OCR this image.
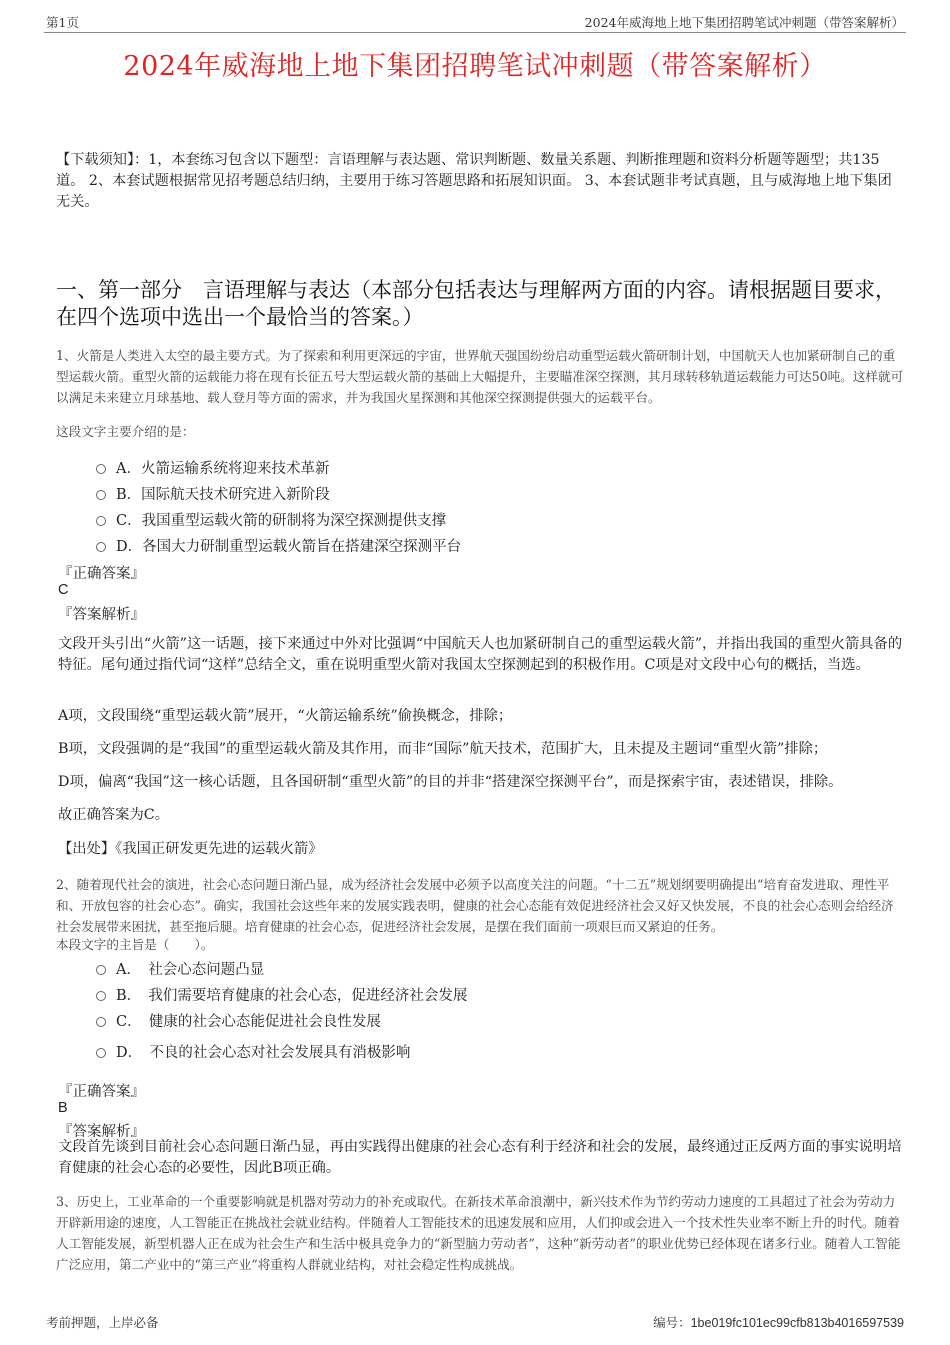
第1页	2024年威海地上地下集团招聘笔试冲刺题（带答案解析）
2024年威海地上地下集团招聘笔试冲刺题（带答案解析）
【下载须知】：1，本套练习包含以下题型：言语理解与表达题、常识判断题、数量关系题、判断推理题和资料分析题等题型；共135道。 2、本套试题根据常见招考题总结归纳，主要用于练习答题思路和拓展知识面。 3、本套试题非考试真题，且与威海地上地下集团无关。
一、第一部分　言语理解与表达（本部分包括表达与理解两方面的内容。请根据题目要求，在四个选项中选出一个最恰当的答案。）
1、火箭是人类进入太空的最主要方式。为了探索和利用更深远的宇宙，世界航天强国纷纷启动重型运载火箭研制计划，中国航天人也加紧研制自己的重型运载火箭。重型火箭的运载能力将在现有长征五号大型运载火箭的基础上大幅提升，主要瞄准深空探测，其月球转移轨道运载能力可达50吨。这样就可以满足未来建立月球基地、载人登月等方面的需求，并为我国火星探测和其他深空探测提供强大的运载平台。
这段文字主要介绍的是：
A．火箭运输系统将迎来技术革新
B．国际航天技术研究进入新阶段
C．我国重型运载火箭的研制将为深空探测提供支撑
D．各国大力研制重型运载火箭旨在搭建深空探测平台
『正确答案』
C
『答案解析』
文段开头引出“火箭”这一话题，接下来通过中外对比强调“中国航天人也加紧研制自己的重型运载火箭”，并指出我国的重型火箭具备的特征。尾句通过指代词“这样”总结全文，重在说明重型火箭对我国太空探测起到的积极作用。C项是对文段中心句的概括，当选。
A项，文段围绕“重型运载火箭”展开，“火箭运输系统”偷换概念，排除；
B项，文段强调的是“我国”的重型运载火箭及其作用，而非“国际”航天技术，范围扩大，且未提及主题词“重型火箭”排除；
D项，偏离“我国”这一核心话题，且各国研制“重型火箭”的目的并非“搭建深空探测平台”，而是探索宇宙，表述错误，排除。
故正确答案为C。
【出处】《我国正研发更先进的运载火箭》
2、随着现代社会的演进，社会心态问题日渐凸显，成为经济社会发展中必须予以高度关注的问题。“十二五”规划纲要明确提出“培育奋发进取、理性平和、开放包容的社会心态”。确实，我国社会这些年来的发展实践表明，健康的社会心态能有效促进经济社会又好又快发展，不良的社会心态则会给经济社会发展带来困扰，甚至拖后腿。培育健康的社会心态，促进经济社会发展，是摆在我们面前一项艰巨而又紧迫的任务。
本段文字的主旨是（　　）。
A．　社会心态问题凸显
B．　我们需要培育健康的社会心态，促进经济社会发展
C．　健康的社会心态能促进社会良性发展
D．　不良的社会心态对社会发展具有消极影响
『正确答案』
B
『答案解析』
文段首先谈到目前社会心态问题日渐凸显，再由实践得出健康的社会心态有利于经济和社会的发展，最终通过正反两方面的事实说明培育健康的社会心态的必要性，因此B项正确。
3、历史上，工业革命的一个重要影响就是机器对劳动力的补充或取代。在新技术革命浪潮中，新兴技术作为节约劳动力速度的工具超过了社会为劳动力开辟新用途的速度，人工智能正在挑战社会就业结构。伴随着人工智能技术的迅速发展和应用，人们抑或会进入一个技术性失业率不断上升的时代。随着人工智能发展，新型机器人正在成为社会生产和生活中极具竞争力的“新型脑力劳动者”，这种“新劳动者”的职业优势已经体现在诸多行业。随着人工智能广泛应用，第二产业中的“第三产业”将重构人群就业结构，对社会稳定性构成挑战。
考前押题，上岸必备	编号：1be019fc101ec99cfb813b4016597539
